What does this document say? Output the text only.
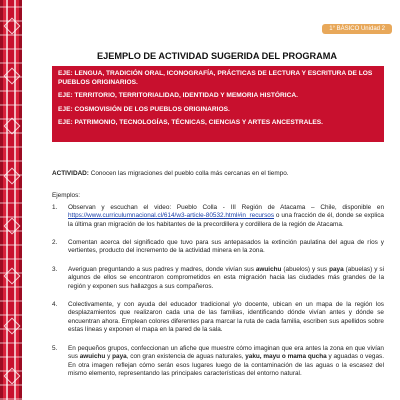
1° BÁSICO Unidad 2
EJEMPLO DE ACTIVIDAD SUGERIDA DEL PROGRAMA
EJE: LENGUA, TRADICIÓN ORAL, ICONOGRAFÍA, PRÁCTICAS DE LECTURA Y ESCRITURA DE LOS PUEBLOS ORIGINARIOS.
EJE: TERRITORIO, TERRITORIALIDAD, IDENTIDAD Y MEMORIA HISTÓRICA.
EJE: COSMOVISIÓN DE LOS PUEBLOS ORIGINARIOS.
EJE: PATRIMONIO, TECNOLOGÍAS, TÉCNICAS, CIENCIAS Y ARTES ANCESTRALES.

ACTIVIDAD: Conocen las migraciones del pueblo colla más cercanas en el tiempo.

Ejemplos:

1. Observan y escuchan el video: Pueblo Colla - III Región de Atacama – Chile, disponible en https://www.curriculumnacional.cl/614/w3-article-80532.html#in_recursos o una fracción de él, donde se explica la última gran migración de los habitantes de la precordillera y cordillera de la región de Atacama.
2. Comentan acerca del significado que tuvo para sus antepasados la extinción paulatina del agua de ríos y vertientes, producto del incremento de la actividad minera en la zona.
3. Averiguan preguntando a sus padres y madres, donde vivían sus awuichu (abuelos) y sus paya (abuelas) y si algunos de ellos se encontraron comprometidos en esta migración hacia las ciudades más grandes de la región y exponen sus hallazgos a sus compañeros.
4. Colectivamente, y con ayuda del educador tradicional y/o docente, ubican en un mapa de la región los desplazamientos que realizaron cada una de las familias, identificando dónde vivían antes y dónde se encuentran ahora. Emplean colores diferentes para marcar la ruta de cada familia, escriben sus apellidos sobre estas líneas y exponen el mapa en la pared de la sala.
5. En pequeños grupos, confeccionan un afiche que muestre cómo imaginan que era antes la zona en que vivían sus awuichu y paya, con gran existencia de aguas naturales, yaku, mayu o mama qucha y aguadas o vegas. En otra imagen reflejan cómo serán esos lugares luego de la contaminación de las aguas o la escasez del mismo elemento, representando las principales características del entorno natural.
